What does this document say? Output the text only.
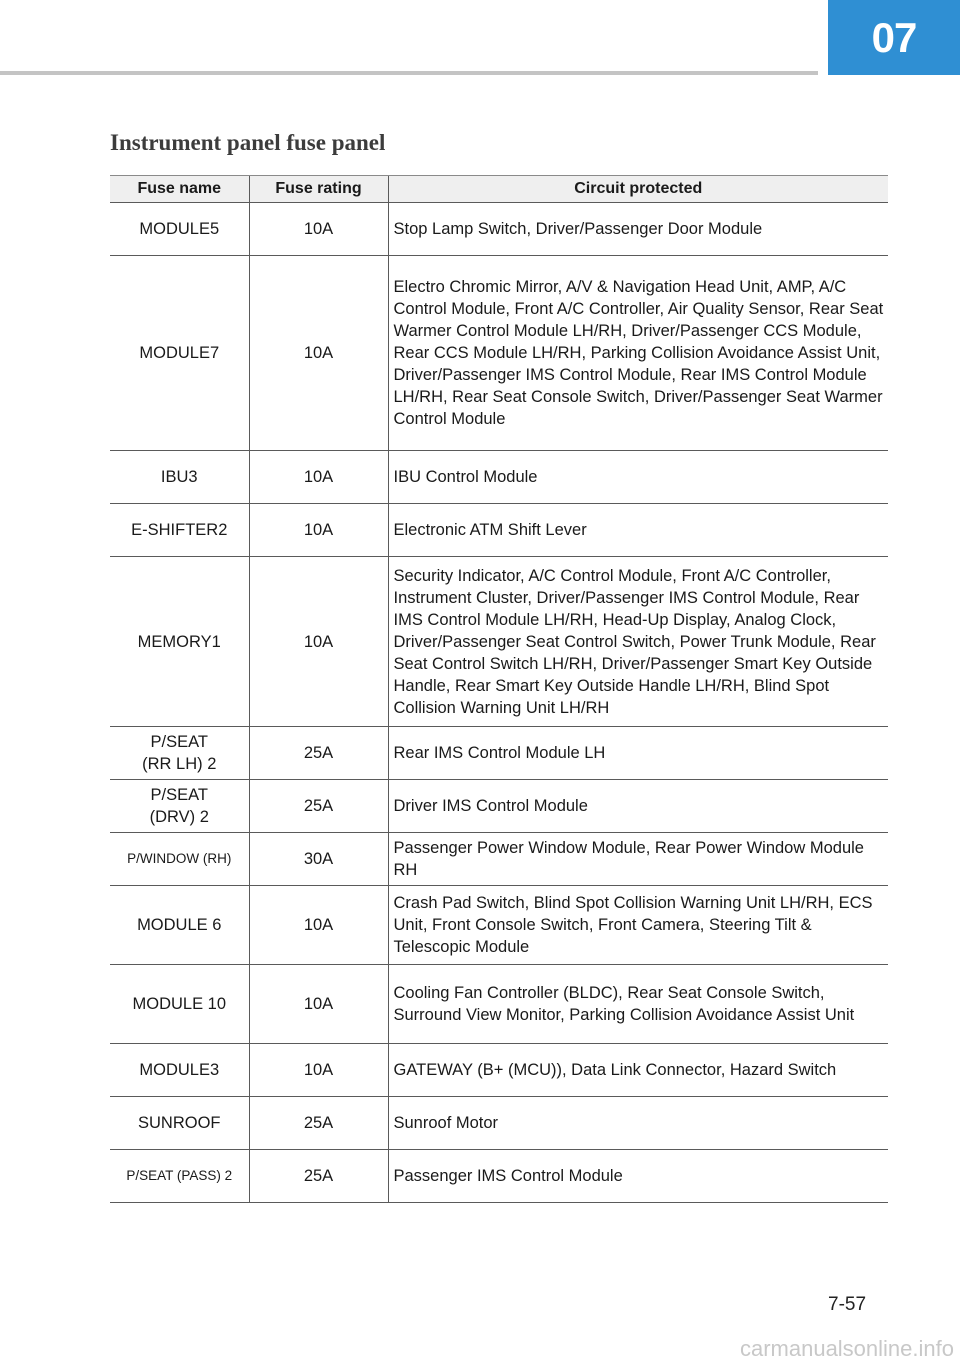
07
Instrument panel fuse panel
Fuse name	Fuse rating	Circuit protected
MODULE5	10A	Stop Lamp Switch, Driver/Passenger Door Module
MODULE7	10A	Electro Chromic Mirror, A/V & Navigation Head Unit, AMP, A/C Control Module, Front A/C Controller, Air Quality Sensor, Rear Seat Warmer Control Module LH/RH, Driver/Passenger CCS Module, Rear CCS Module LH/RH, Parking Collision Avoidance Assist Unit, Driver/Passenger IMS Control Module, Rear IMS Control Module LH/RH, Rear Seat Console Switch, Driver/Passenger Seat Warmer Control Module
IBU3	10A	IBU Control Module
E-SHIFTER2	10A	Electronic ATM Shift Lever
MEMORY1	10A	Security Indicator, A/C Control Module, Front A/C Controller, Instrument Cluster, Driver/Passenger IMS Control Module, Rear IMS Control Module LH/RH, Head-Up Display, Analog Clock, Driver/Passenger Seat Control Switch, Power Trunk Module, Rear Seat Control Switch LH/RH, Driver/Passenger Smart Key Outside Handle, Rear Smart Key Outside Handle LH/RH, Blind Spot Collision Warning Unit LH/RH

P/SEAT
(RR LH) 2	25A	Rear IMS Control Module LH

P/SEAT
(DRV) 2	25A	Driver IMS Control Module
P/WINDOW (RH)	30A	Passenger Power Window Module, Rear Power Window Module RH
MODULE 6	10A	Crash Pad Switch, Blind Spot Collision Warning Unit LH/RH, ECS Unit, Front Console Switch, Front Camera, Steering Tilt & Telescopic Module
MODULE 10	10A	Cooling Fan Controller (BLDC), Rear Seat Console Switch, Surround View Monitor, Parking Collision Avoidance Assist Unit
MODULE3	10A	GATEWAY (B+ (MCU)), Data Link Connector, Hazard Switch
SUNROOF	25A	Sunroof Motor
P/SEAT (PASS) 2	25A	Passenger IMS Control Module

7-57

carmanualsonline.info
